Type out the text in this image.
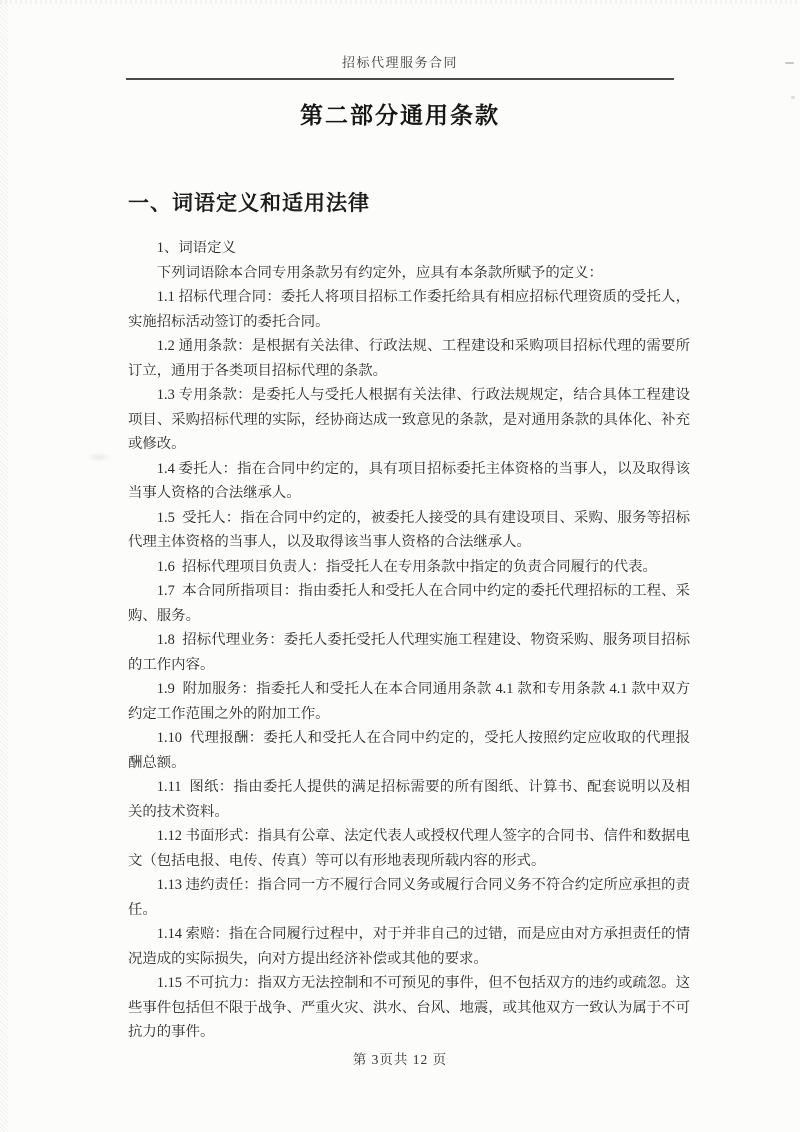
招标代理服务合同
第二部分通用条款
一、词语定义和适用法律

1、词语定义

下列词语除本合同专用条款另有约定外，应具有本条款所赋予的定义：

1.1 招标代理合同：委托人将项目招标工作委托给具有相应招标代理资质的受托人，实施招标活动签订的委托合同。

1.2 通用条款：是根据有关法律、行政法规、工程建设和采购项目招标代理的需要所订立，通用于各类项目招标代理的条款。

1.3 专用条款：是委托人与受托人根据有关法律、行政法规规定，结合具体工程建设项目、采购招标代理的实际，经协商达成一致意见的条款，是对通用条款的具体化、补充或修改。

1.4 委托人：指在合同中约定的，具有项目招标委托主体资格的当事人，以及取得该当事人资格的合法继承人。

1.5  受托人：指在合同中约定的，被委托人接受的具有建设项目、采购、服务等招标代理主体资格的当事人，以及取得该当事人资格的合法继承人。

1.6  招标代理项目负责人：指受托人在专用条款中指定的负责合同履行的代表。

1.7  本合同所指项目：指由委托人和受托人在合同中约定的委托代理招标的工程、采购、服务。

1.8  招标代理业务：委托人委托受托人代理实施工程建设、物资采购、服务项目招标的工作内容。

1.9  附加服务：指委托人和受托人在本合同通用条款 4.1 款和专用条款 4.1 款中双方约定工作范围之外的附加工作。

1.10  代理报酬：委托人和受托人在合同中约定的，受托人按照约定应收取的代理报酬总额。

1.11  图纸：指由委托人提供的满足招标需要的所有图纸、计算书、配套说明以及相关的技术资料。

1.12 书面形式：指具有公章、法定代表人或授权代理人签字的合同书、信件和数据电文（包括电报、电传、传真）等可以有形地表现所载内容的形式。

1.13 违约责任：指合同一方不履行合同义务或履行合同义务不符合约定所应承担的责任。

1.14 索赔：指在合同履行过程中，对于并非自己的过错，而是应由对方承担责任的情况造成的实际损失，向对方提出经济补偿或其他的要求。

1.15 不可抗力：指双方无法控制和不可预见的事件，但不包括双方的违约或疏忽。这些事件包括但不限于战争、严重火灾、洪水、台风、地震，或其他双方一致认为属于不可抗力的事件。

第 3页共 12 页
